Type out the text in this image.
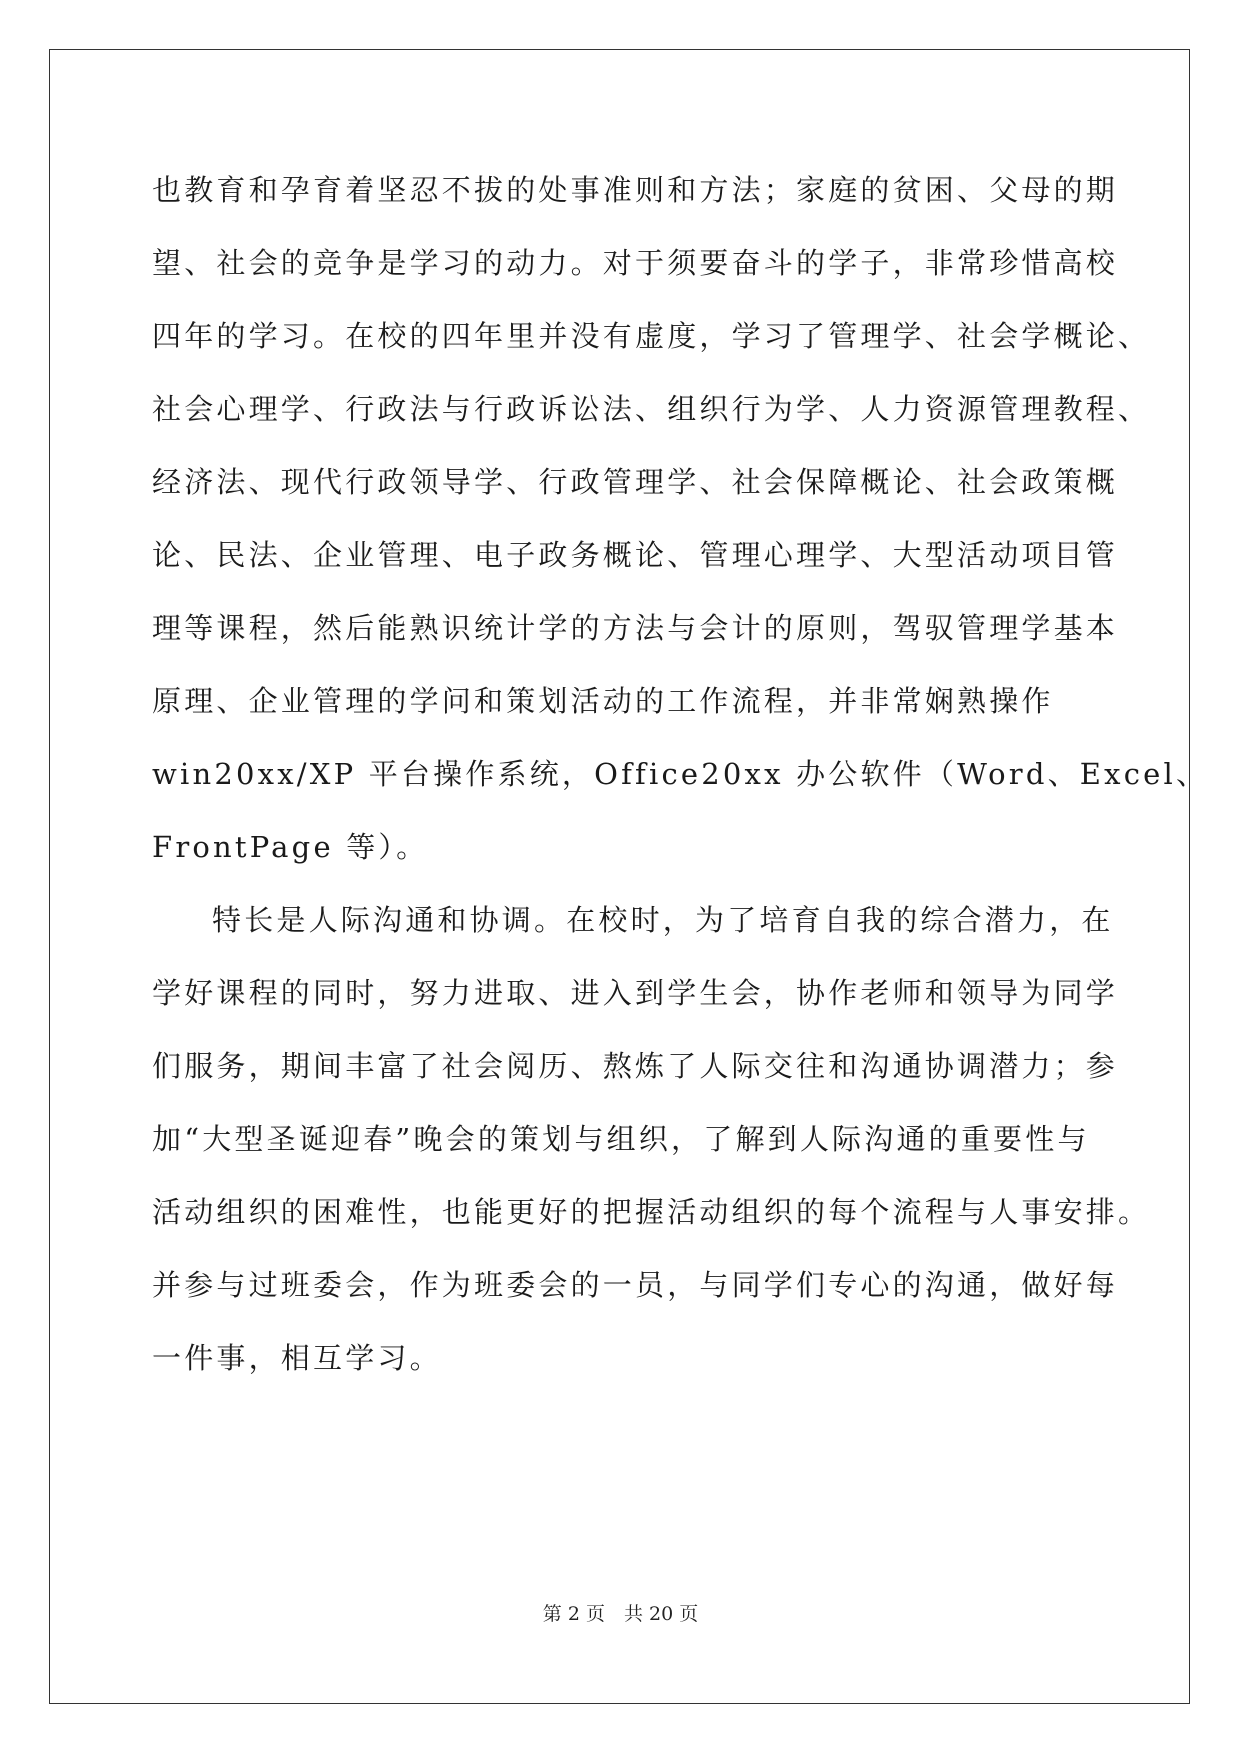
也教育和孕育着坚忍不拔的处事准则和方法；家庭的贫困、父母的期
望、社会的竞争是学习的动力。对于须要奋斗的学子，非常珍惜高校
四年的学习。在校的四年里并没有虚度，学习了管理学、社会学概论、
社会心理学、行政法与行政诉讼法、组织行为学、人力资源管理教程、
经济法、现代行政领导学、行政管理学、社会保障概论、社会政策概
论、民法、企业管理、电子政务概论、管理心理学、大型活动项目管
理等课程，然后能熟识统计学的方法与会计的原则，驾驭管理学基本
原理、企业管理的学问和策划活动的工作流程，并非常娴熟操作
win20xx/XP 平台操作系统，Office20xx 办公软件（Word、Excel、
FrontPage 等）。
特长是人际沟通和协调。在校时，为了培育自我的综合潜力，在
学好课程的同时，努力进取、进入到学生会，协作老师和领导为同学
们服务，期间丰富了社会阅历、熬炼了人际交往和沟通协调潜力；参
加“大型圣诞迎春”晚会的策划与组织，了解到人际沟通的重要性与
活动组织的困难性，也能更好的把握活动组织的每个流程与人事安排。
并参与过班委会，作为班委会的一员，与同学们专心的沟通，做好每
一件事，相互学习。
第 2 页　共 20 页
